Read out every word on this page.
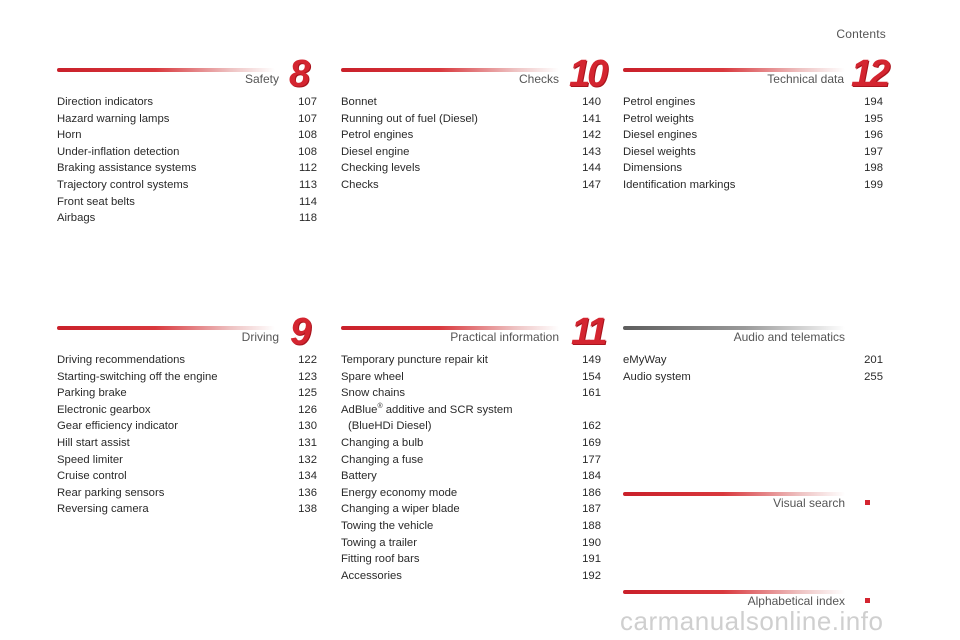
Contents
Safety 8
Direction indicators	107
Hazard warning lamps	107
Horn	108
Under-inflation detection	108
Braking assistance systems	112
Trajectory control systems	113
Front seat belts	114
Airbags	118
Checks 10
Bonnet	140
Running out of fuel (Diesel)	141
Petrol engines	142
Diesel engine	143
Checking levels	144
Checks	147
Technical data 12
Petrol engines	194
Petrol weights	195
Diesel engines	196
Diesel weights	197
Dimensions	198
Identification markings	199
Driving 9
Driving recommendations	122
Starting-switching off the engine	123
Parking brake	125
Electronic gearbox	126
Gear efficiency indicator	130
Hill start assist	131
Speed limiter	132
Cruise control	134
Rear parking sensors	136
Reversing camera	138
Practical information 11
Temporary puncture repair kit	149
Spare wheel	154
Snow chains	161
AdBlue® additive and SCR system
(BlueHDi Diesel)	162
Changing a bulb	169
Changing a fuse	177
Battery	184
Energy economy mode	186
Changing a wiper blade	187
Towing the vehicle	188
Towing a trailer	190
Fitting roof bars	191
Accessories	192
Audio and telematics
eMyWay	201
Audio system	255
Visual search
Alphabetical index
carmanualsonline.info
